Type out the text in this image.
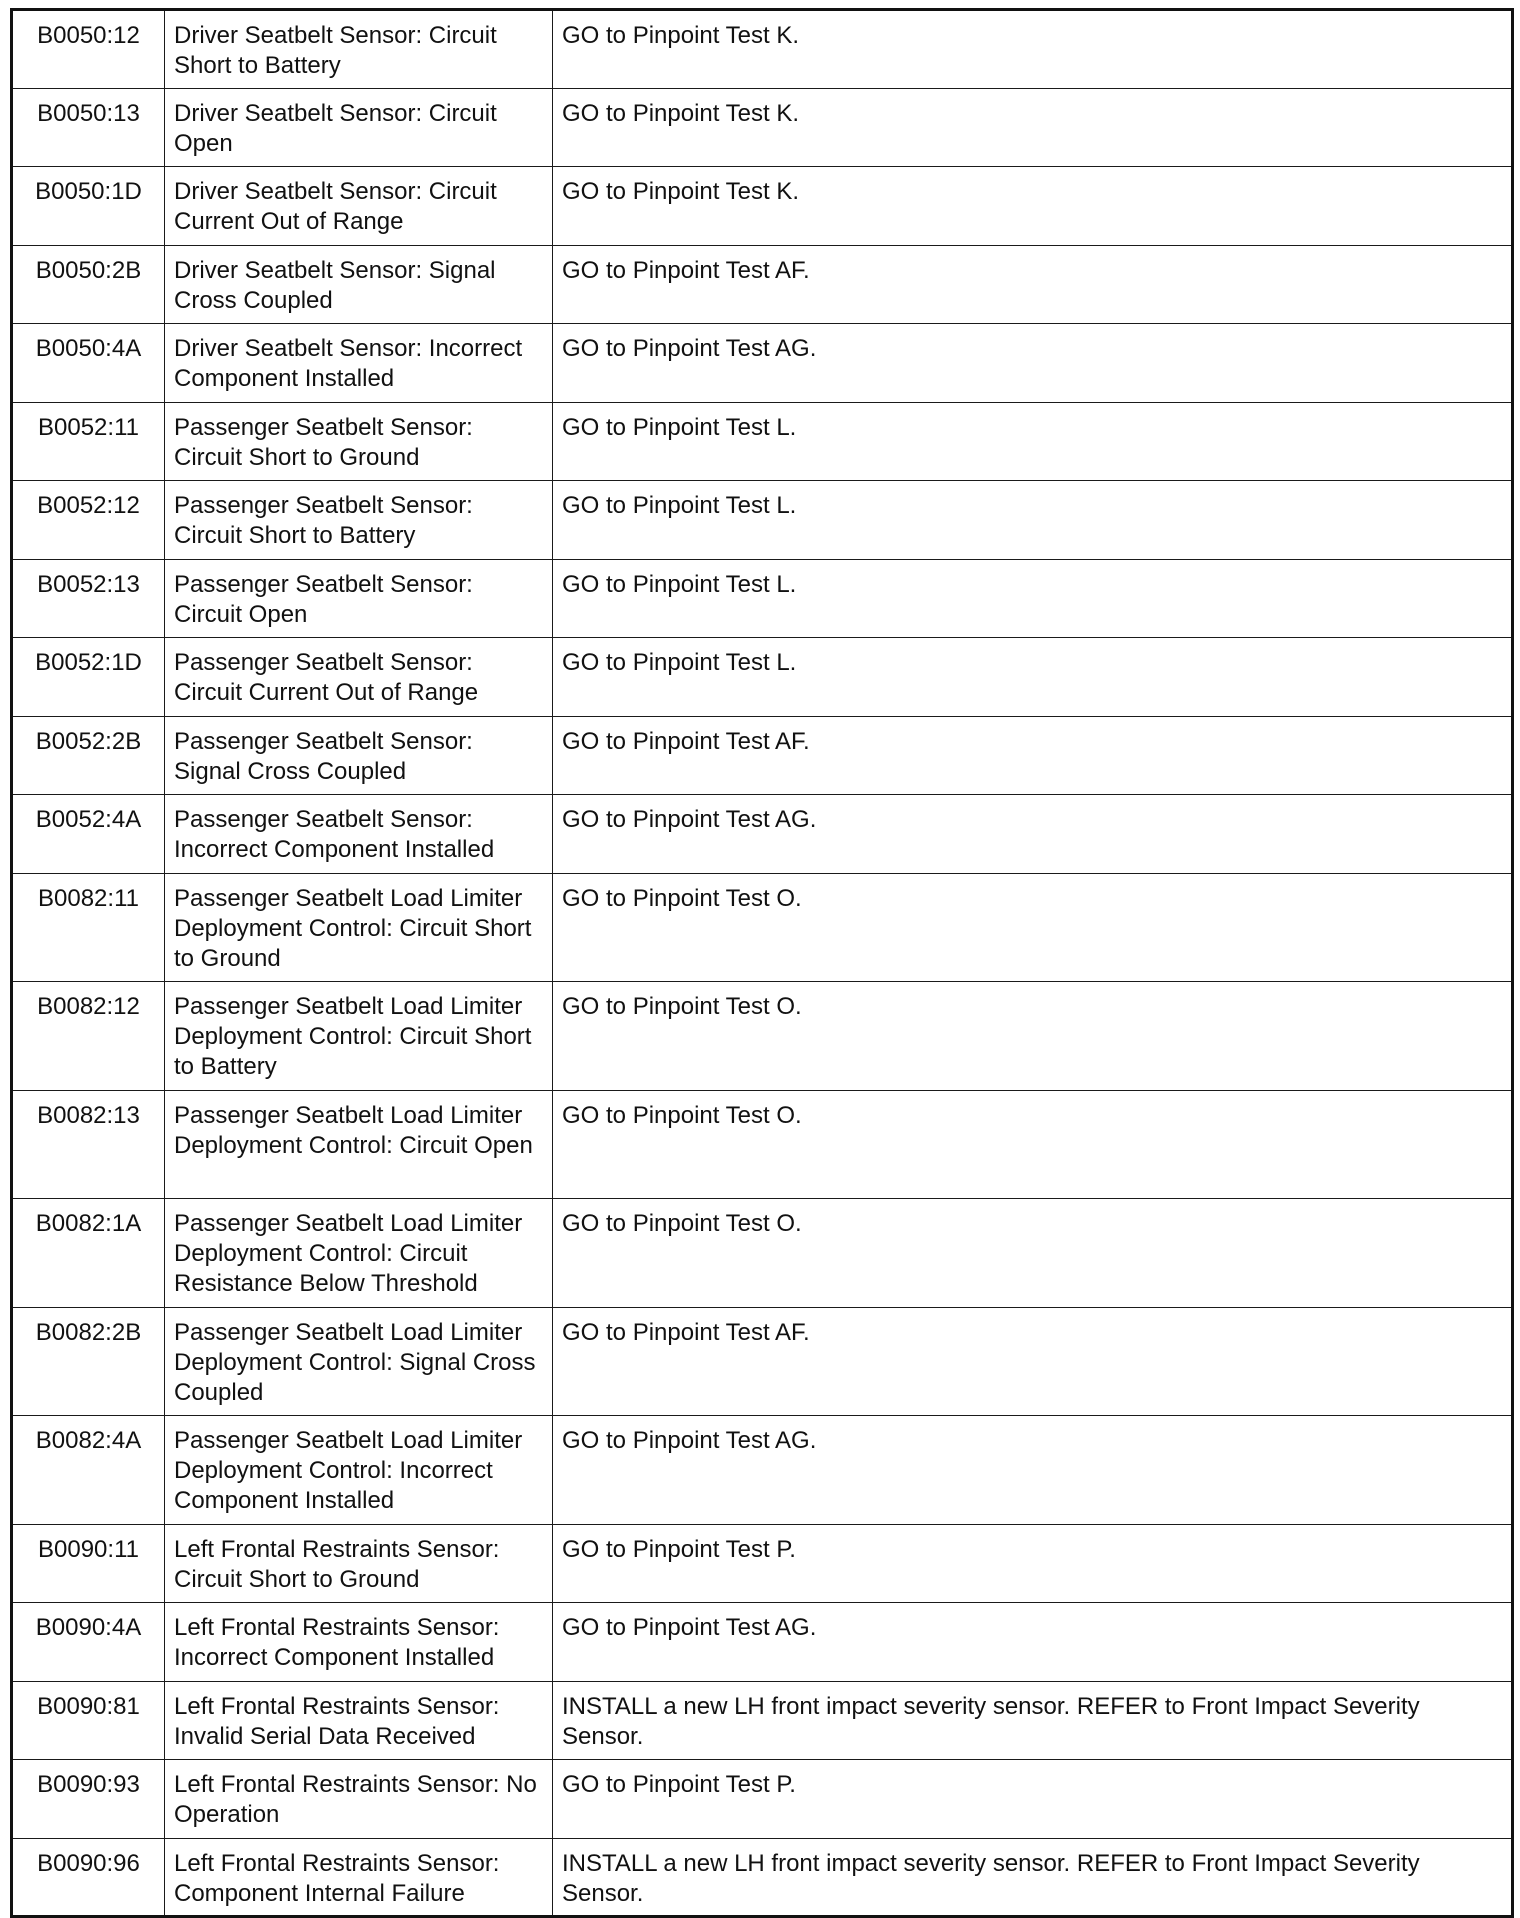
B0050:12	Driver Seatbelt Sensor: Circuit Short to Battery	GO to Pinpoint Test K.
B0050:13	Driver Seatbelt Sensor: Circuit Open	GO to Pinpoint Test K.
B0050:1D	Driver Seatbelt Sensor: Circuit Current Out of Range	GO to Pinpoint Test K.
B0050:2B	Driver Seatbelt Sensor: Signal Cross Coupled	GO to Pinpoint Test AF.
B0050:4A	Driver Seatbelt Sensor: Incorrect Component Installed	GO to Pinpoint Test AG.
B0052:11	Passenger Seatbelt Sensor: Circuit Short to Ground	GO to Pinpoint Test L.
B0052:12	Passenger Seatbelt Sensor: Circuit Short to Battery	GO to Pinpoint Test L.
B0052:13	Passenger Seatbelt Sensor: Circuit Open	GO to Pinpoint Test L.
B0052:1D	Passenger Seatbelt Sensor: Circuit Current Out of Range	GO to Pinpoint Test L.
B0052:2B	Passenger Seatbelt Sensor: Signal Cross Coupled	GO to Pinpoint Test AF.
B0052:4A	Passenger Seatbelt Sensor: Incorrect Component Installed	GO to Pinpoint Test AG.
B0082:11	Passenger Seatbelt Load Limiter Deployment Control: Circuit Short to Ground	GO to Pinpoint Test O.
B0082:12	Passenger Seatbelt Load Limiter Deployment Control: Circuit Short to Battery	GO to Pinpoint Test O.
B0082:13	Passenger Seatbelt Load Limiter Deployment Control: Circuit Open	GO to Pinpoint Test O.
B0082:1A	Passenger Seatbelt Load Limiter Deployment Control: Circuit Resistance Below Threshold	GO to Pinpoint Test O.
B0082:2B	Passenger Seatbelt Load Limiter Deployment Control: Signal Cross Coupled	GO to Pinpoint Test AF.
B0082:4A	Passenger Seatbelt Load Limiter Deployment Control: Incorrect Component Installed	GO to Pinpoint Test AG.
B0090:11	Left Frontal Restraints Sensor: Circuit Short to Ground	GO to Pinpoint Test P.
B0090:4A	Left Frontal Restraints Sensor: Incorrect Component Installed	GO to Pinpoint Test AG.
B0090:81	Left Frontal Restraints Sensor: Invalid Serial Data Received	INSTALL a new LH front impact severity sensor. REFER to Front Impact Severity Sensor.
B0090:93	Left Frontal Restraints Sensor: No Operation	GO to Pinpoint Test P.
B0090:96	Left Frontal Restraints Sensor: Component Internal Failure	INSTALL a new LH front impact severity sensor. REFER to Front Impact Severity Sensor.
